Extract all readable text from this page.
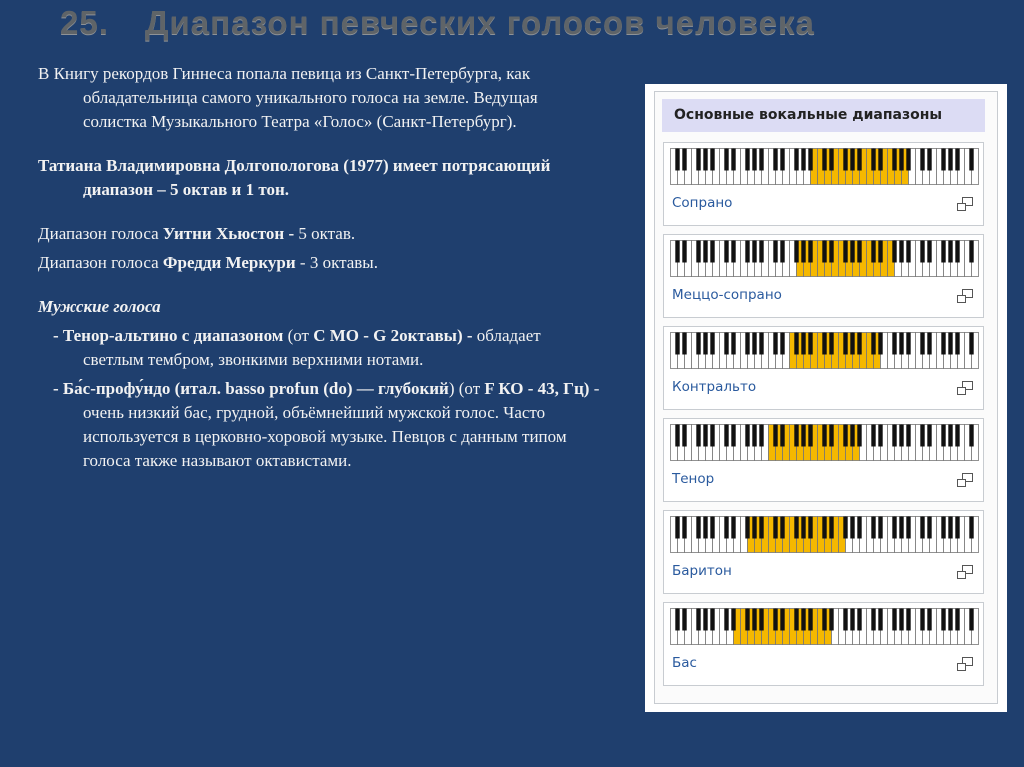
25. Диапазон певческих голосов человека

В Книгу рекордов Гиннеса попала певица из Санкт-Петербурга, как обладательница самого уникального голоса на земле. Ведущая солистка Музыкального Театра «Голос» (Санкт-Петербург).

Татиана Владимировна Долгопологова (1977) имеет потрясающий диапазон – 5 октав и 1 тон.

Диапазон голоса Уитни Хьюстон - 5 октав.

Диапазон голоса Фредди Меркури - 3 октавы.

Мужские голоса

- Тенор-альтино с диапазоном (от С МО - G 2октавы) - обладает светлым тембром, звонкими верхними нотами.

- Ба́с-профу́ндо (итал. basso profun (do) — глубокий) (от F КО - 43, Гц) - очень низкий бас, грудной, объёмнейший мужской голос. Часто используется в церковно-хоровой музыке. Певцов с данным типом голоса также называют октавистами.

Основные вокальные диапазоны
Сопрано
Меццо-сопрано
Контральто
Тенор
Баритон
Бас
